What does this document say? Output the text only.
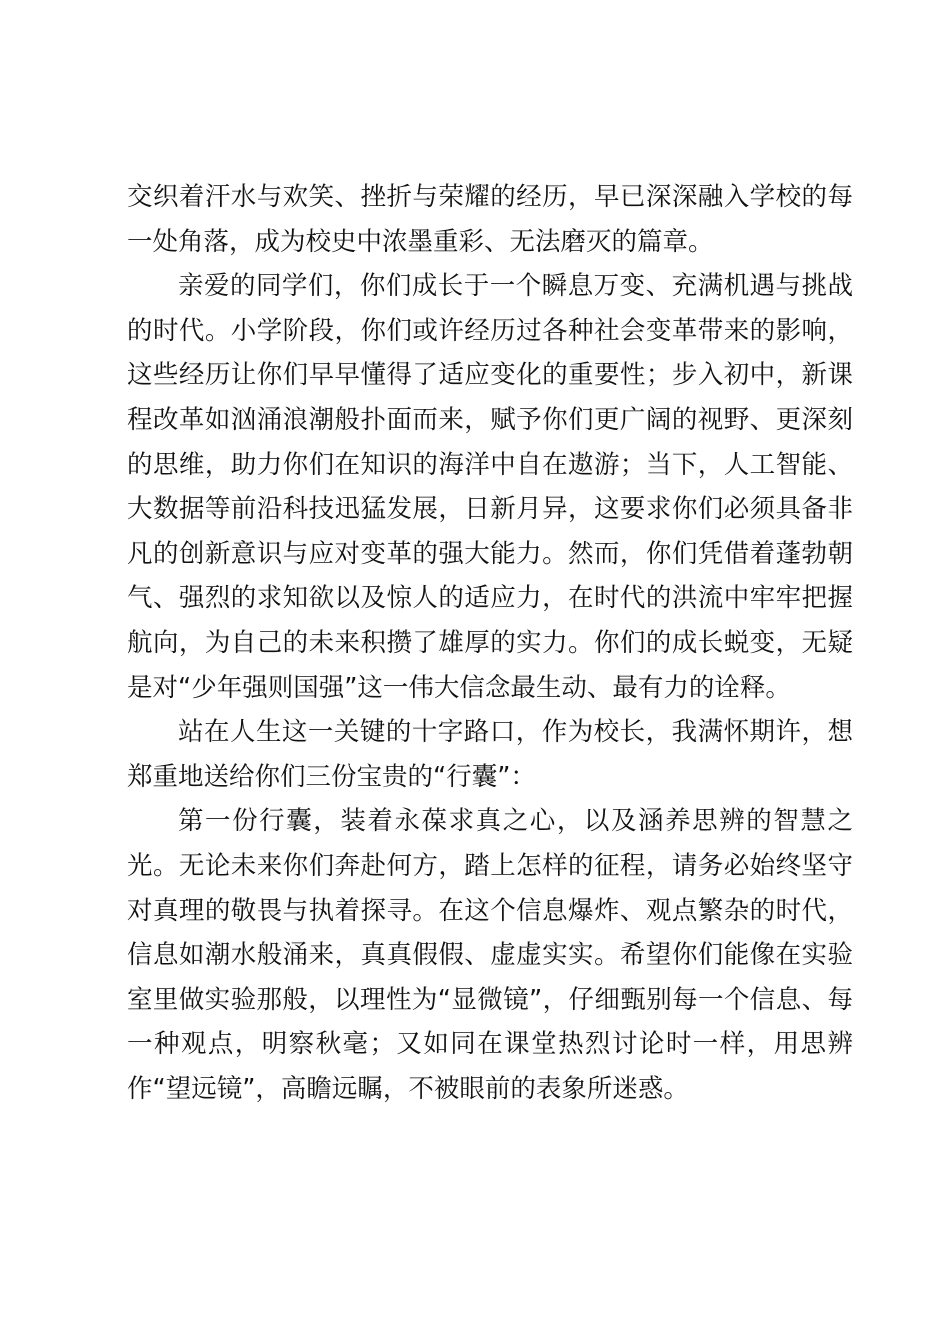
交织着汗水与欢笑、挫折与荣耀的经历，早已深深融入学校的每一处角落，成为校史中浓墨重彩、无法磨灭的篇章。

亲爱的同学们，你们成长于一个瞬息万变、充满机遇与挑战的时代。小学阶段，你们或许经历过各种社会变革带来的影响，这些经历让你们早早懂得了适应变化的重要性；步入初中，新课程改革如汹涌浪潮般扑面而来，赋予你们更广阔的视野、更深刻的思维，助力你们在知识的海洋中自在遨游；当下，人工智能、大数据等前沿科技迅猛发展，日新月异，这要求你们必须具备非凡的创新意识与应对变革的强大能力。然而，你们凭借着蓬勃朝气、强烈的求知欲以及惊人的适应力，在时代的洪流中牢牢把握航向，为自己的未来积攒了雄厚的实力。你们的成长蜕变，无疑是对“少年强则国强”这一伟大信念最生动、最有力的诠释。

站在人生这一关键的十字路口，作为校长，我满怀期许，想郑重地送给你们三份宝贵的“行囊”：

第一份行囊，装着永葆求真之心，以及涵养思辨的智慧之光。无论未来你们奔赴何方，踏上怎样的征程，请务必始终坚守对真理的敬畏与执着探寻。在这个信息爆炸、观点繁杂的时代，信息如潮水般涌来，真真假假、虚虚实实。希望你们能像在实验室里做实验那般，以理性为“显微镜”，仔细甄别每一个信息、每一种观点，明察秋毫；又如同在课堂热烈讨论时一样，用思辨作“望远镜”，高瞻远瞩，不被眼前的表象所迷惑。
